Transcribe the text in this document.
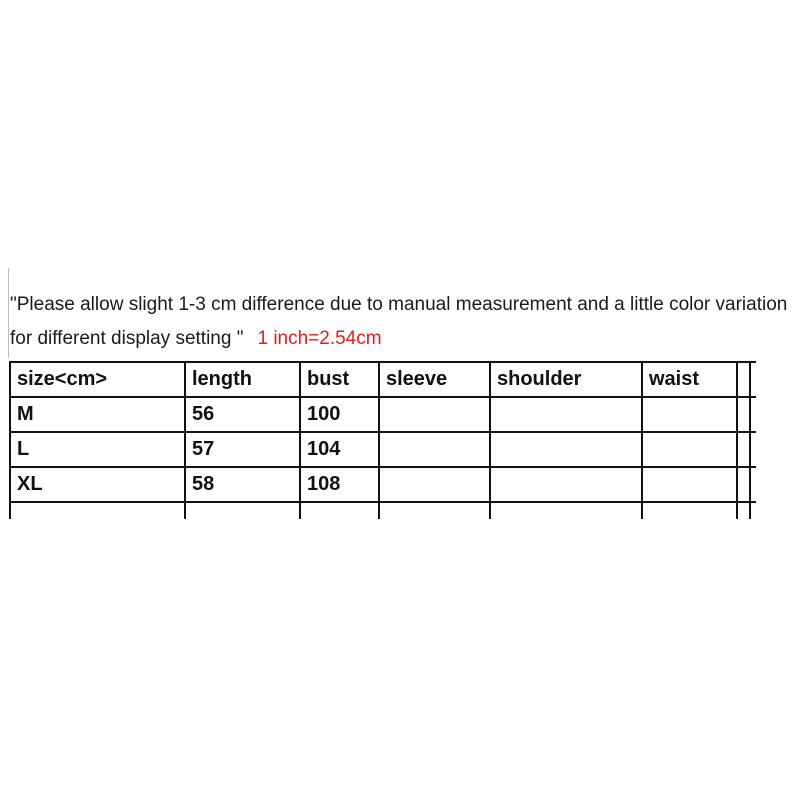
"Please allow slight 1-3 cm difference due to manual measurement and a little color variation for different display setting " 1 inch=2.54cm
size<cm>	length	bust	sleeve	shoulder	waist		
M	56	100					
L	57	104					
XL	58	108					
